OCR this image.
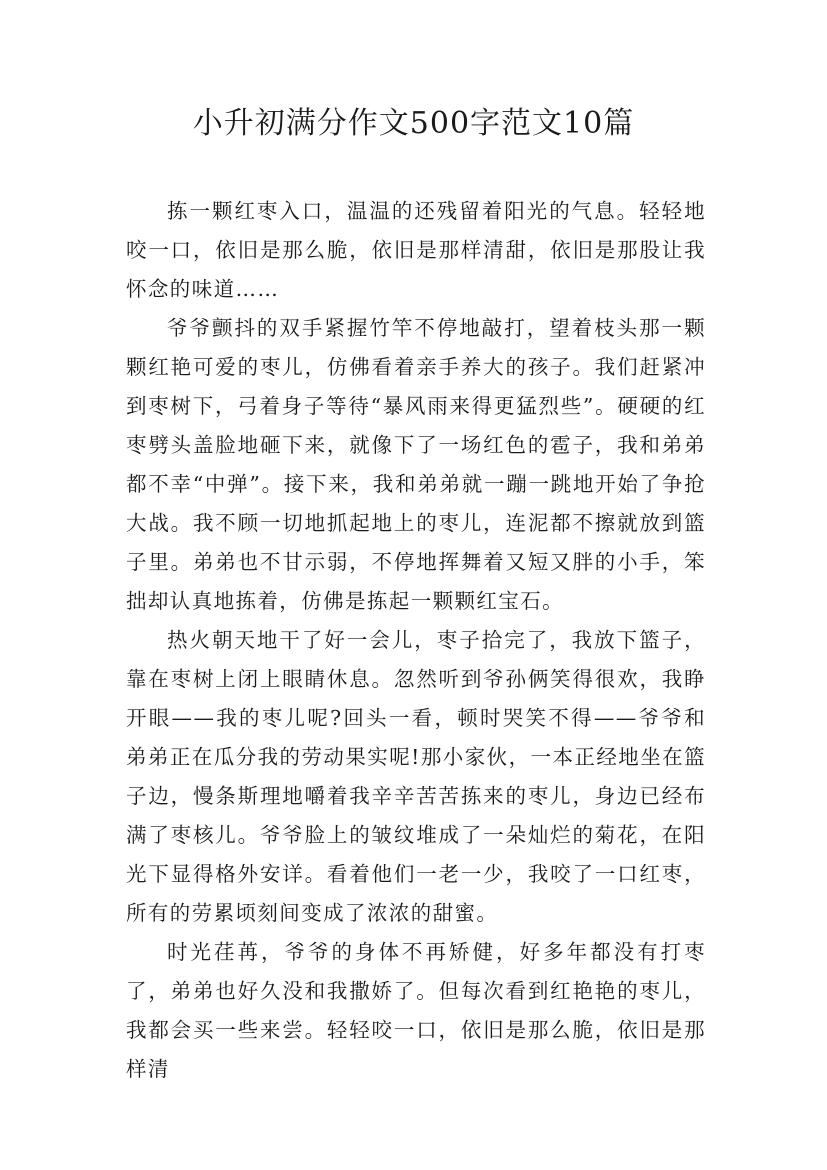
小升初满分作文500字范文10篇

拣一颗红枣入口，温温的还残留着阳光的气息。轻轻地咬一口，依旧是那么脆，依旧是那样清甜，依旧是那股让我怀念的味道……

爷爷颤抖的双手紧握竹竿不停地敲打，望着枝头那一颗颗红艳可爱的枣儿，仿佛看着亲手养大的孩子。我们赶紧冲到枣树下，弓着身子等待“暴风雨来得更猛烈些”。硬硬的红枣劈头盖脸地砸下来，就像下了一场红色的雹子，我和弟弟都不幸“中弹”。接下来，我和弟弟就一蹦一跳地开始了争抢大战。我不顾一切地抓起地上的枣儿，连泥都不擦就放到篮子里。弟弟也不甘示弱，不停地挥舞着又短又胖的小手，笨拙却认真地拣着，仿佛是拣起一颗颗红宝石。

热火朝天地干了好一会儿，枣子拾完了，我放下篮子，靠在枣树上闭上眼睛休息。忽然听到爷孙俩笑得很欢，我睁开眼——我的枣儿呢?回头一看，顿时哭笑不得——爷爷和弟弟正在瓜分我的劳动果实呢!那小家伙，一本正经地坐在篮子边，慢条斯理地嚼着我辛辛苦苦拣来的枣儿，身边已经布满了枣核儿。爷爷脸上的皱纹堆成了一朵灿烂的菊花，在阳光下显得格外安详。看着他们一老一少，我咬了一口红枣，所有的劳累顷刻间变成了浓浓的甜蜜。

时光荏苒，爷爷的身体不再矫健，好多年都没有打枣了，弟弟也好久没和我撒娇了。但每次看到红艳艳的枣儿，我都会买一些来尝。轻轻咬一口，依旧是那么脆，依旧是那样清
